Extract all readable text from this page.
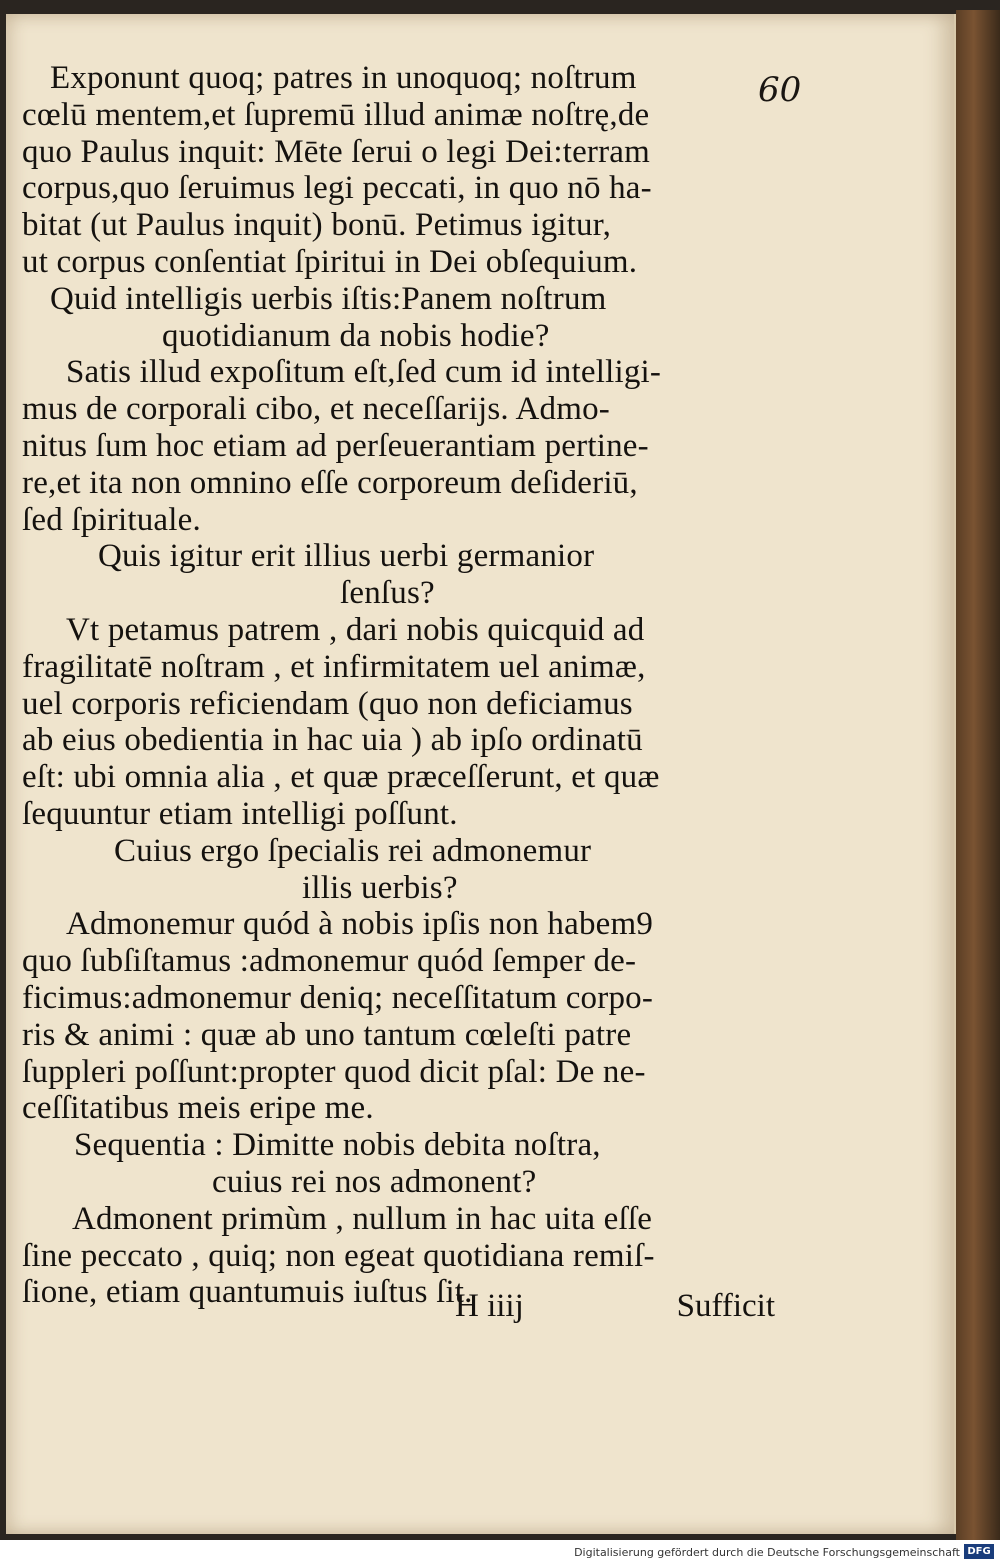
60
Exponunt quoq; patres in unoquoq; noſtrum
cœlū mentem,et ſupremū illud animæ noſtrę,de
quo Paulus inquit: Mēte ſerui o legi Dei:terram
corpus,quo ſeruimus legi peccati, in quo nō ha-
bitat (ut Paulus inquit) bonū. Petimus igitur,
ut corpus conſentiat ſpiritui in Dei obſequium.
Quid intelligis uerbis iſtis:Panem noſtrum
quotidianum da nobis hodie?
Satis illud expoſitum eſt,ſed cum id intelligi-
mus de corporali cibo, et neceſſarijs. Admo-
nitus ſum hoc etiam ad perſeuerantiam pertine-
re,et ita non omnino eſſe corporeum deſideriū,
ſed ſpirituale.
Quis igitur erit illius uerbi germanior
ſenſus?
Vt petamus patrem , dari nobis quicquid ad
fragilitatē noſtram , et infirmitatem uel animæ,
uel corporis reficiendam (quo non deficiamus
ab eius obedientia in hac uia ) ab ipſo ordinatū
eſt: ubi omnia alia , et quæ præceſſerunt, et quæ
ſequuntur etiam intelligi poſſunt.
Cuius ergo ſpecialis rei admonemur
illis uerbis?
Admonemur quód à nobis ipſis non habem9
quo ſubſiſtamus :admonemur quód ſemper de-
ficimus:admonemur deniq; neceſſitatum corpo-
ris & animi : quæ ab uno tantum cœleſti patre
ſuppleri poſſunt:propter quod dicit pſal: De ne-
ceſſitatibus meis eripe me.
Sequentia : Dimitte nobis debita noſtra,
cuius rei nos admonent?
Admonent primùm , nullum in hac uita eſſe
ſine peccato , quiq; non egeat quotidiana remiſ-
ſione, etiam quantumuis iuſtus ſit.
H iiij	Sufficit
Digitalisierung gefördert durch die Deutsche Forschungsgemeinschaft DFG
